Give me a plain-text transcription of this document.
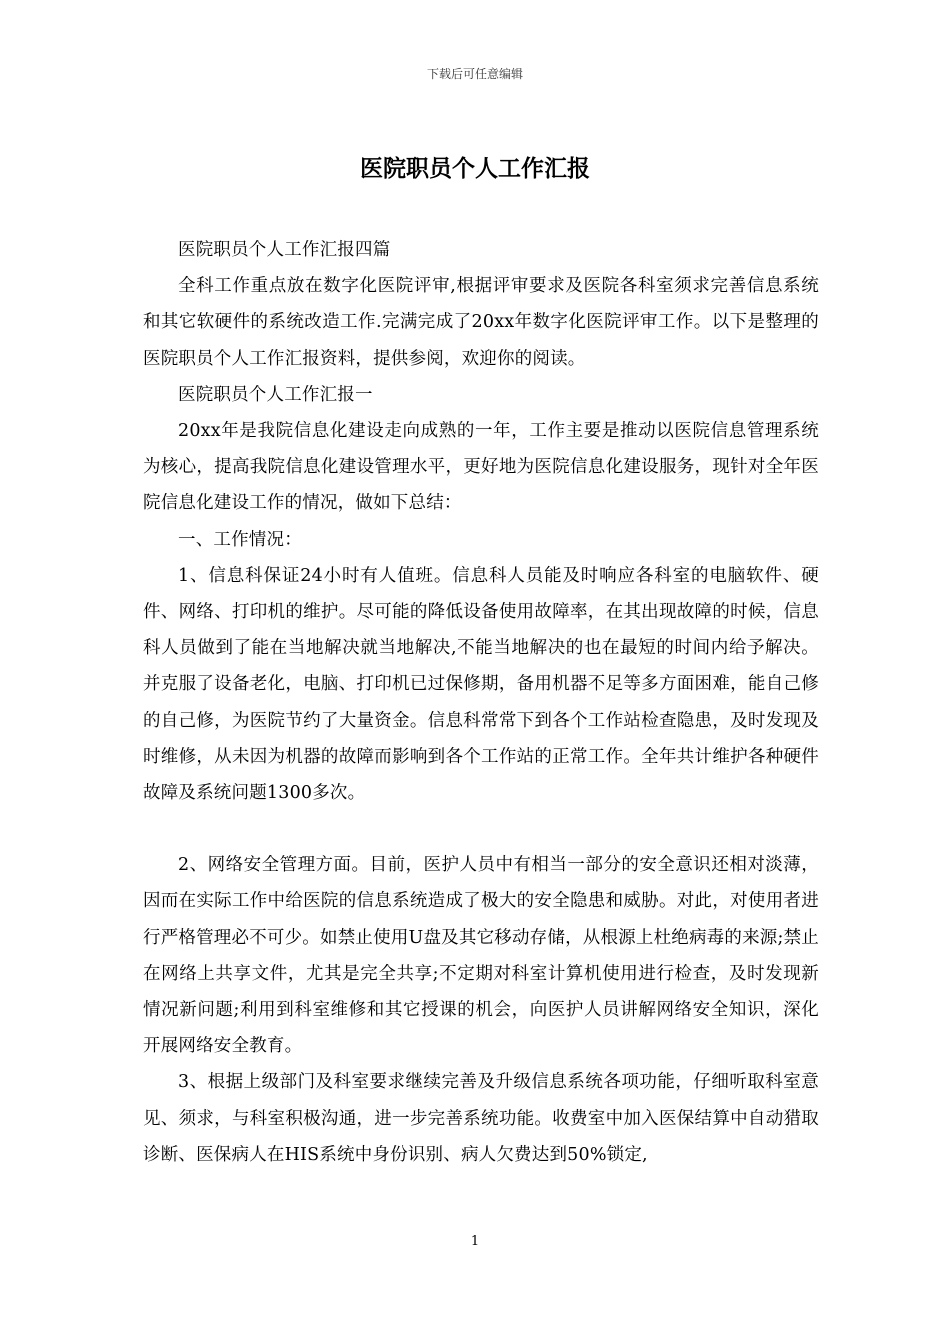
下载后可任意编辑
医院职员个人工作汇报

医院职员个人工作汇报四篇

全科工作重点放在数字化医院评审,根据评审要求及医院各科室须求完善信息系统和其它软硬件的系统改造工作.完满完成了20xx年数字化医院评审工作。以下是整理的医院职员个人工作汇报资料，提供参阅，欢迎你的阅读。

医院职员个人工作汇报一

20xx年是我院信息化建设走向成熟的一年，工作主要是推动以医院信息管理系统为核心，提高我院信息化建设管理水平，更好地为医院信息化建设服务，现针对全年医院信息化建设工作的情况，做如下总结：

一、工作情况：

1、信息科保证24小时有人值班。信息科人员能及时响应各科室的电脑软件、硬件、网络、打印机的维护。尽可能的降低设备使用故障率，在其出现故障的时候，信息科人员做到了能在当地解决就当地解决,不能当地解决的也在最短的时间内给予解决。并克服了设备老化，电脑、打印机已过保修期，备用机器不足等多方面困难，能自己修的自己修，为医院节约了大量资金。信息科常常下到各个工作站检查隐患，及时发现及时维修，从未因为机器的故障而影响到各个工作站的正常工作。全年共计维护各种硬件故障及系统问题1300多次。

2、网络安全管理方面。目前，医护人员中有相当一部分的安全意识还相对淡薄，因而在实际工作中给医院的信息系统造成了极大的安全隐患和威胁。对此，对使用者进行严格管理必不可少。如禁止使用U盘及其它移动存储，从根源上杜绝病毒的来源;禁止在网络上共享文件，尤其是完全共享;不定期对科室计算机使用进行检查，及时发现新情况新问题;利用到科室维修和其它授课的机会，向医护人员讲解网络安全知识，深化开展网络安全教育。

3、根据上级部门及科室要求继续完善及升级信息系统各项功能，仔细听取科室意见、须求，与科室积极沟通，进一步完善系统功能。收费室中加入医保结算中自动猎取诊断、医保病人在HIS系统中身份识别、病人欠费达到50%锁定,

1
